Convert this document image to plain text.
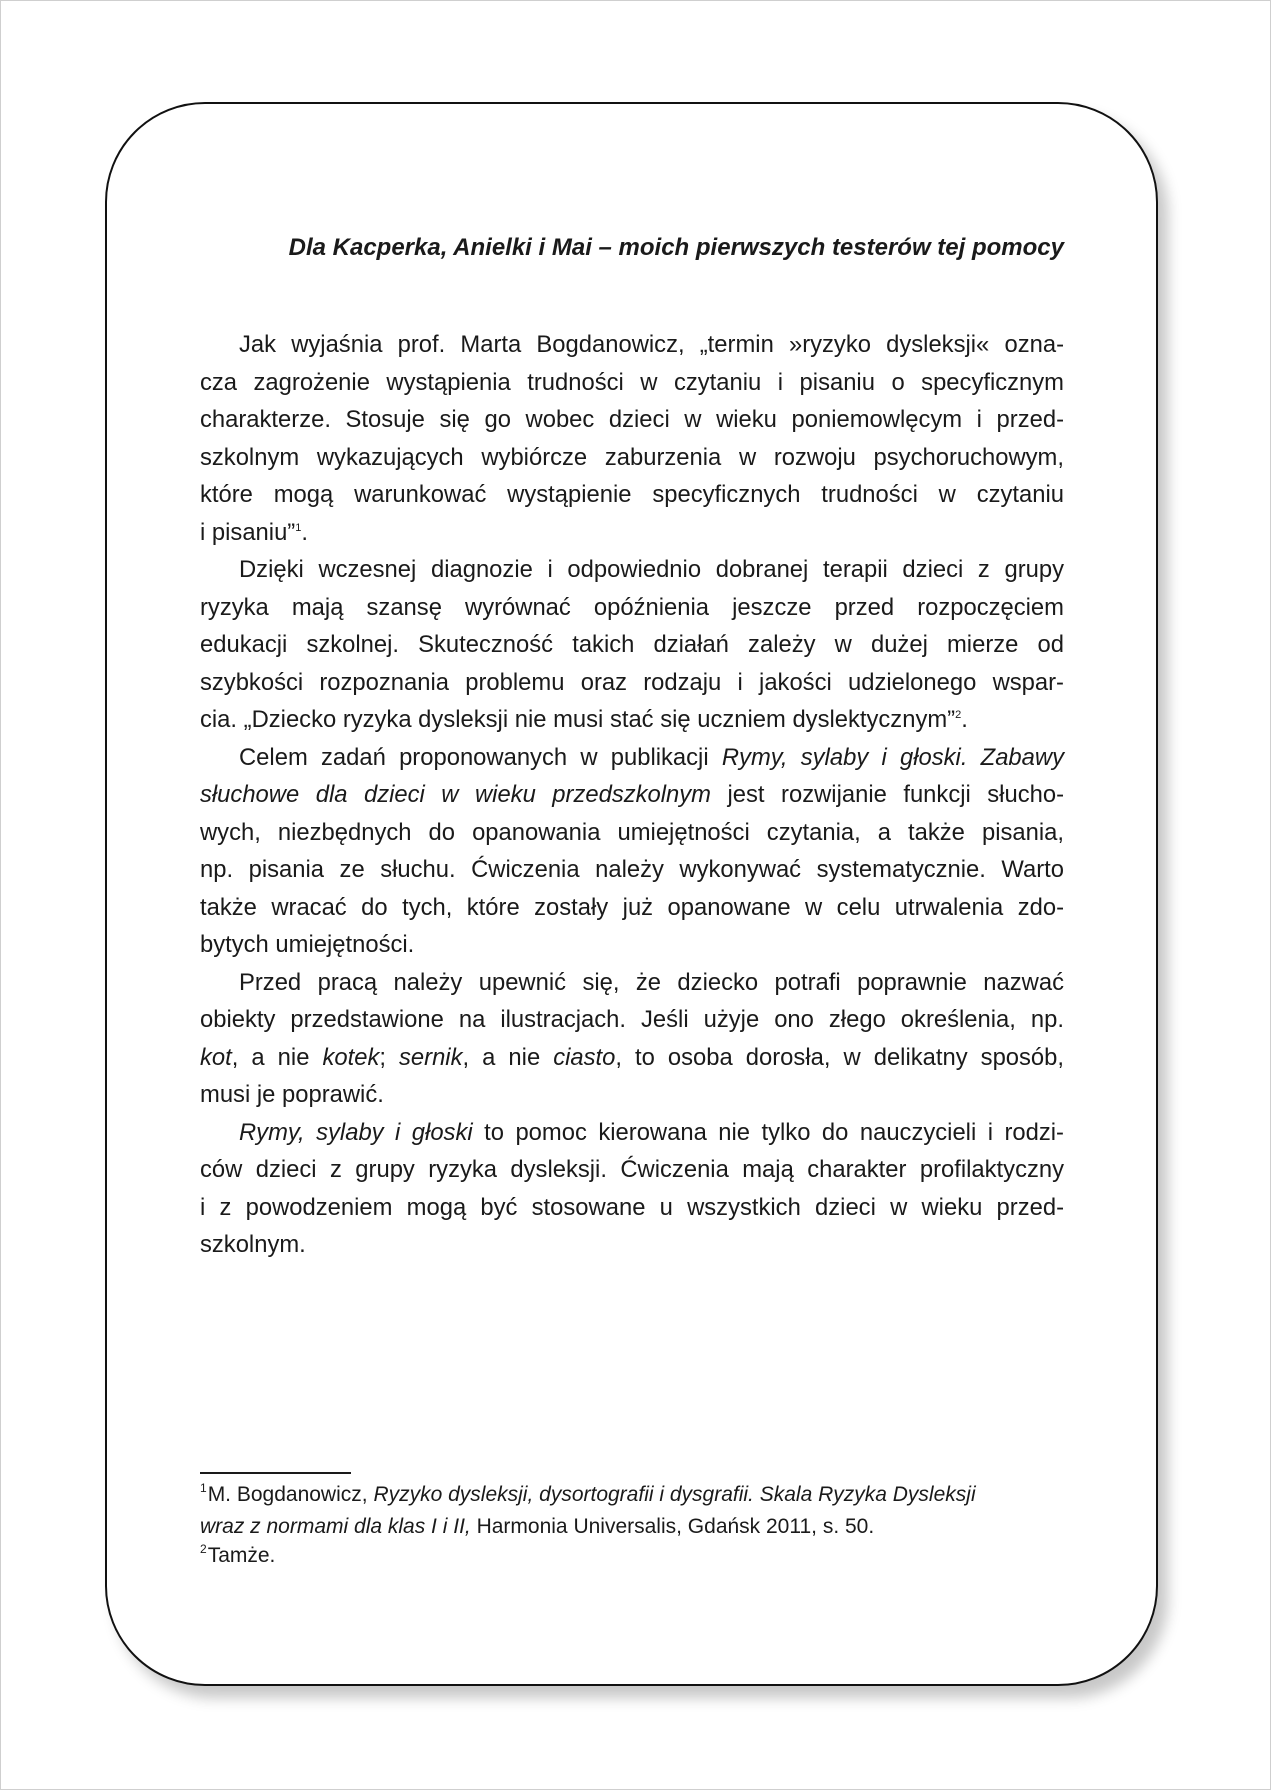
Dla Kacperka, Anielki i Mai – moich pierwszych testerów tej pomocy
Jak wyjaśnia prof. Marta Bogdanowicz, „termin »ryzyko dysleksji« ozna-
cza zagrożenie wystąpienia trudności w czytaniu i pisaniu o specyficznym
charakterze. Stosuje się go wobec dzieci w wieku poniemowlęcym i przed-
szkolnym wykazujących wybiórcze zaburzenia w rozwoju psychoruchowym,
które mogą warunkować wystąpienie specyficznych trudności w czytaniu
i pisaniu”$^1$.
Dzięki wczesnej diagnozie i odpowiednio dobranej terapii dzieci z grupy
ryzyka mają szansę wyrównać opóźnienia jeszcze przed rozpoczęciem
edukacji szkolnej. Skuteczność takich działań zależy w dużej mierze od
szybkości rozpoznania problemu oraz rodzaju i jakości udzielonego wspar-
cia. „Dziecko ryzyka dysleksji nie musi stać się uczniem dyslektycznym”$^2$.
Celem zadań proponowanych w publikacji Rymy, sylaby i głoski. Zabawy
słuchowe dla dzieci w wieku przedszkolnym jest rozwijanie funkcji słucho-
wych, niezbędnych do opanowania umiejętności czytania, a także pisania,
np. pisania ze słuchu. Ćwiczenia należy wykonywać systematycznie. Warto
także wracać do tych, które zostały już opanowane w celu utrwalenia zdo-
bytych umiejętności.
Przed pracą należy upewnić się, że dziecko potrafi poprawnie nazwać
obiekty przedstawione na ilustracjach. Jeśli użyje ono złego określenia, np.
kot, a nie kotek; sernik, a nie ciasto, to osoba dorosła, w delikatny sposób,
musi je poprawić.
Rymy, sylaby i głoski to pomoc kierowana nie tylko do nauczycieli i rodzi-
ców dzieci z grupy ryzyka dysleksji. Ćwiczenia mają charakter profilaktyczny
i z powodzeniem mogą być stosowane u wszystkich dzieci w wieku przed-
szkolnym.
$^1$M. Bogdanowicz, Ryzyko dysleksji, dysortografii i dysgrafii. Skala Ryzyka Dysleksji
wraz z normami dla klas I i II, Harmonia Universalis, Gdańsk 2011, s. 50.
$^2$Tamże.
